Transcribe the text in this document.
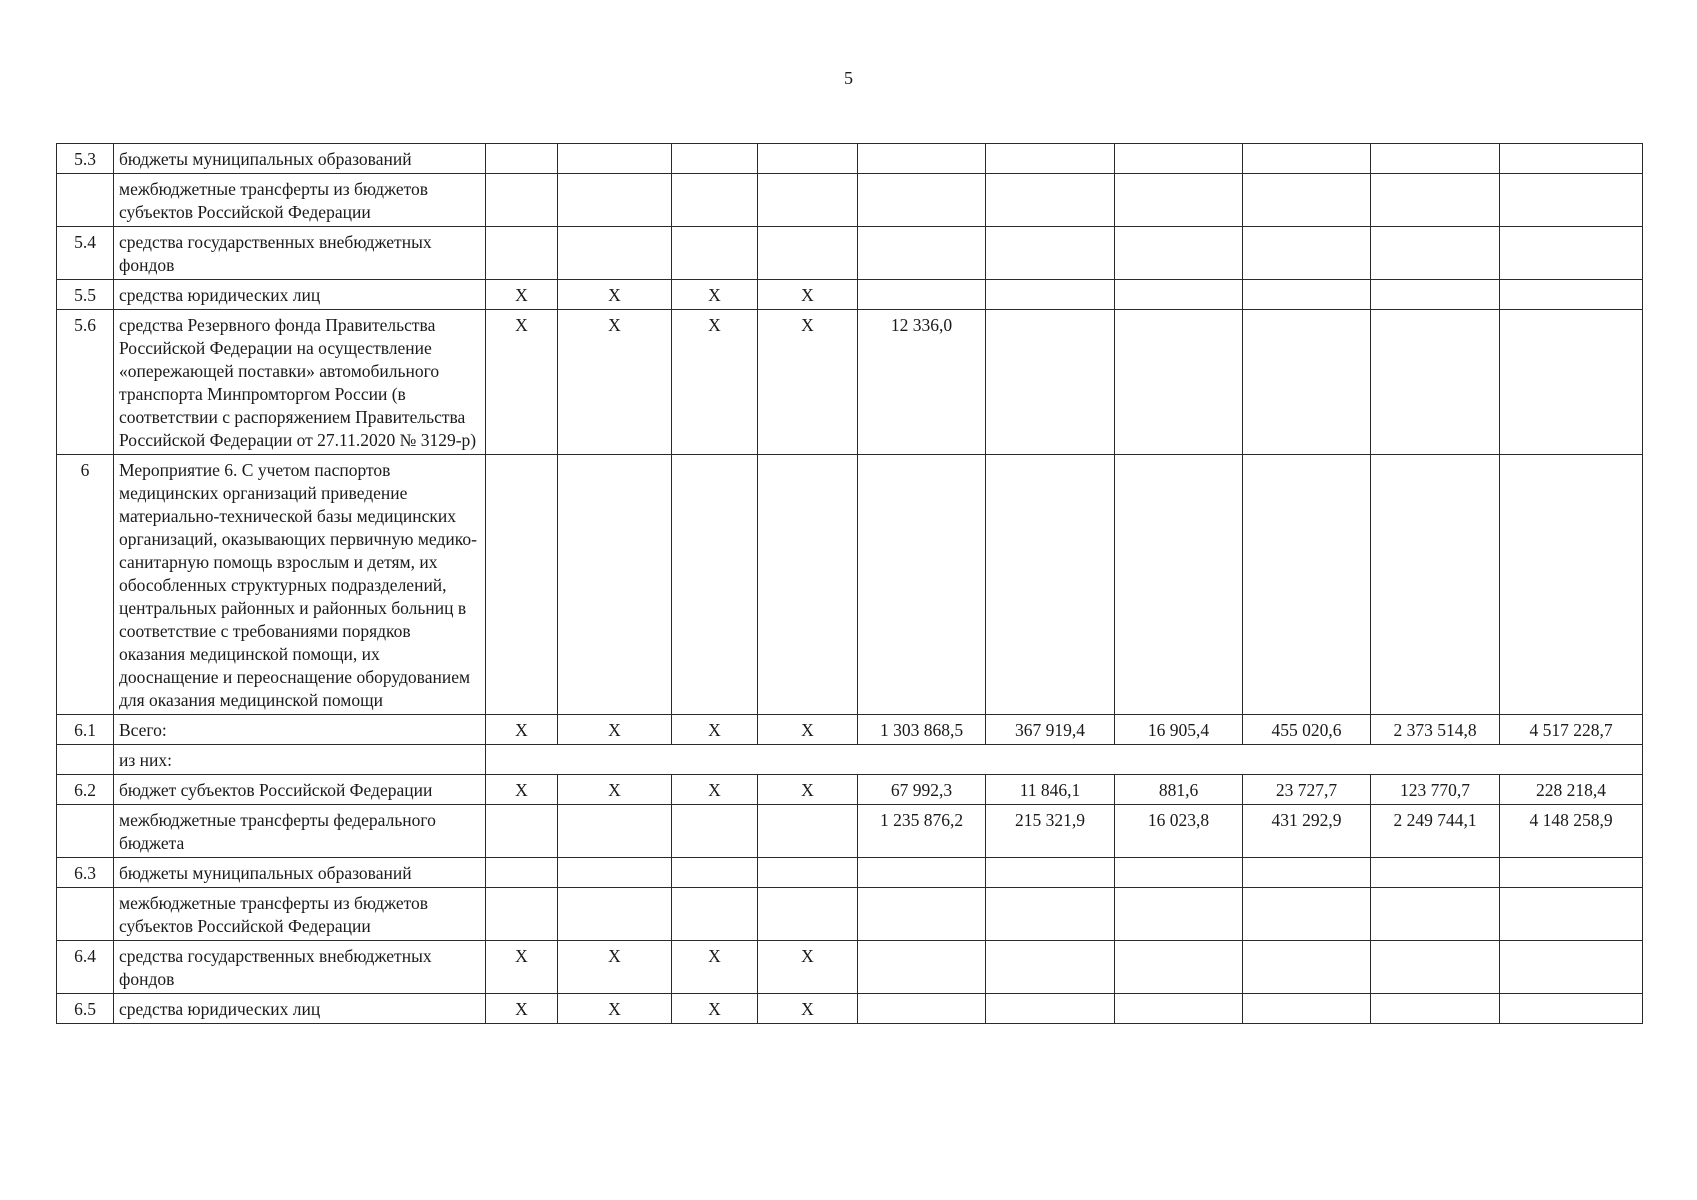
5
5.3	бюджеты муниципальных образований										
	межбюджетные трансферты из бюджетов субъектов Российской Федерации										
5.4	средства государственных внебюджетных фондов										
5.5	средства юридических лиц	Х	Х	Х	Х						
5.6	средства Резервного фонда Правительства Российской Федерации на осуществление «опережающей поставки» автомобильного транспорта Минпромторгом России (в соответствии с распоряжением Правительства Российской Федерации от 27.11.2020 № 3129-р)	Х	Х	Х	Х	12 336,0					
6	Мероприятие 6. С учетом паспортов медицинских организаций приведение материально-технической базы медицинских организаций, оказывающих первичную медико-санитарную помощь взрослым и детям, их обособленных структурных подразделений, центральных районных и районных больниц в соответствие с требованиями порядков оказания медицинской помощи, их дооснащение и переоснащение оборудованием для оказания медицинской помощи										
6.1	Всего:	Х	Х	Х	Х	1 303 868,5	367 919,4	16 905,4	455 020,6	2 373 514,8	4 517 228,7
	из них:										
6.2	бюджет субъектов Российской Федерации	Х	Х	Х	Х	67 992,3	11 846,1	881,6	23 727,7	123 770,7	228 218,4
	межбюджетные трансферты федерального бюджета					1 235 876,2	215 321,9	16 023,8	431 292,9	2 249 744,1	4 148 258,9
6.3	бюджеты муниципальных образований										
	межбюджетные трансферты из бюджетов субъектов Российской Федерации										
6.4	средства государственных внебюджетных фондов	Х	Х	Х	Х						
6.5	средства юридических лиц	Х	Х	Х	Х						
